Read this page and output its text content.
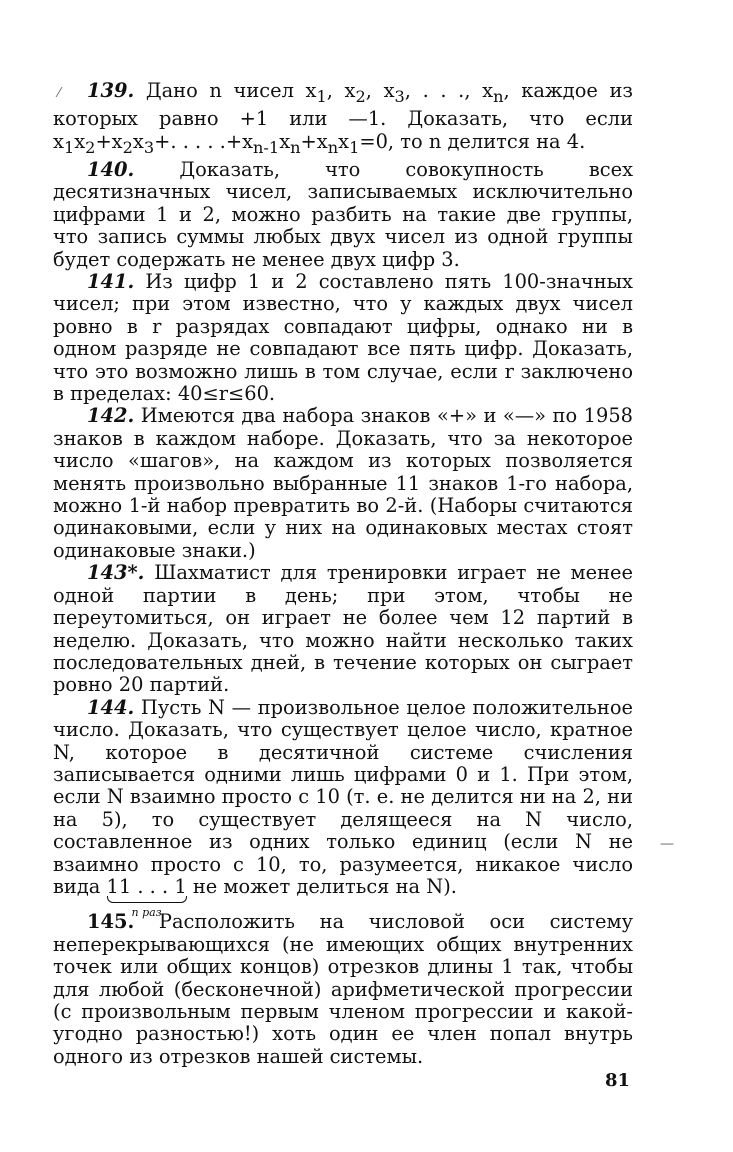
⁄
—

139. Дано n чисел $x_1$, $x_2$, $x_3$, . . ., $x_n$, каждое из которых равно +1 или —1. Доказать, что если $x_1x_2+x_2x_3+$. . . . $.+x_{n-1}x_n+x_nx_1=0$, то n делится на 4.

140. Доказать, что совокупность всех десятизначных чисел, записываемых исключительно цифрами 1 и 2, можно разбить на такие две группы, что запись суммы любых двух чисел из одной группы будет содержать не менее двух цифр 3.

141. Из цифр 1 и 2 составлено пять 100-значных чисел; при этом известно, что у каждых двух чисел ровно в r разрядах совпадают цифры, однако ни в одном разряде не совпадают все пять цифр. Доказать, что это возможно лишь в том случае, если r заключено в пределах: 40≤r≤60.

142. Имеются два набора знаков «+» и «—» по 1958 знаков в каждом наборе. Доказать, что за некоторое число «шагов», на каждом из которых позволяется менять произвольно выбранные 11 знаков 1-го набора, можно 1-й набор превратить во 2-й. (Наборы считаются одинаковыми, если у них на одинаковых местах стоят одинаковые знаки.)

143*. Шахматист для тренировки играет не менее одной партии в день; при этом, чтобы не переутомиться, он играет не более чем 12 партий в неделю. Доказать, что можно найти несколько таких последовательных дней, в течение которых он сыграет ровно 20 партий.

144. Пусть N — произвольное целое положительное число. Доказать, что существует целое число, кратное N, которое в десятичной системе счисления записывается одними лишь цифрами 0 и 1. При этом, если N взаимно просто с 10 (т. е. не делится ни на 2, ни на 5), то существует делящееся на N число, составленное из одних только единиц (если N не взаимно просто с 10, то, разумеется, никакое число вида 11 . . . 1
n раз
не может делиться на N).

145. Расположить на числовой оси систему неперекрывающихся (не имеющих общих внутренних точек или общих концов) отрезков длины 1 так, чтобы для любой (бесконечной) арифметической прогрессии (с произвольным первым членом прогрессии и какой-угодно разностью!) хоть один ее член попал внутрь одного из отрезков нашей системы.

81
